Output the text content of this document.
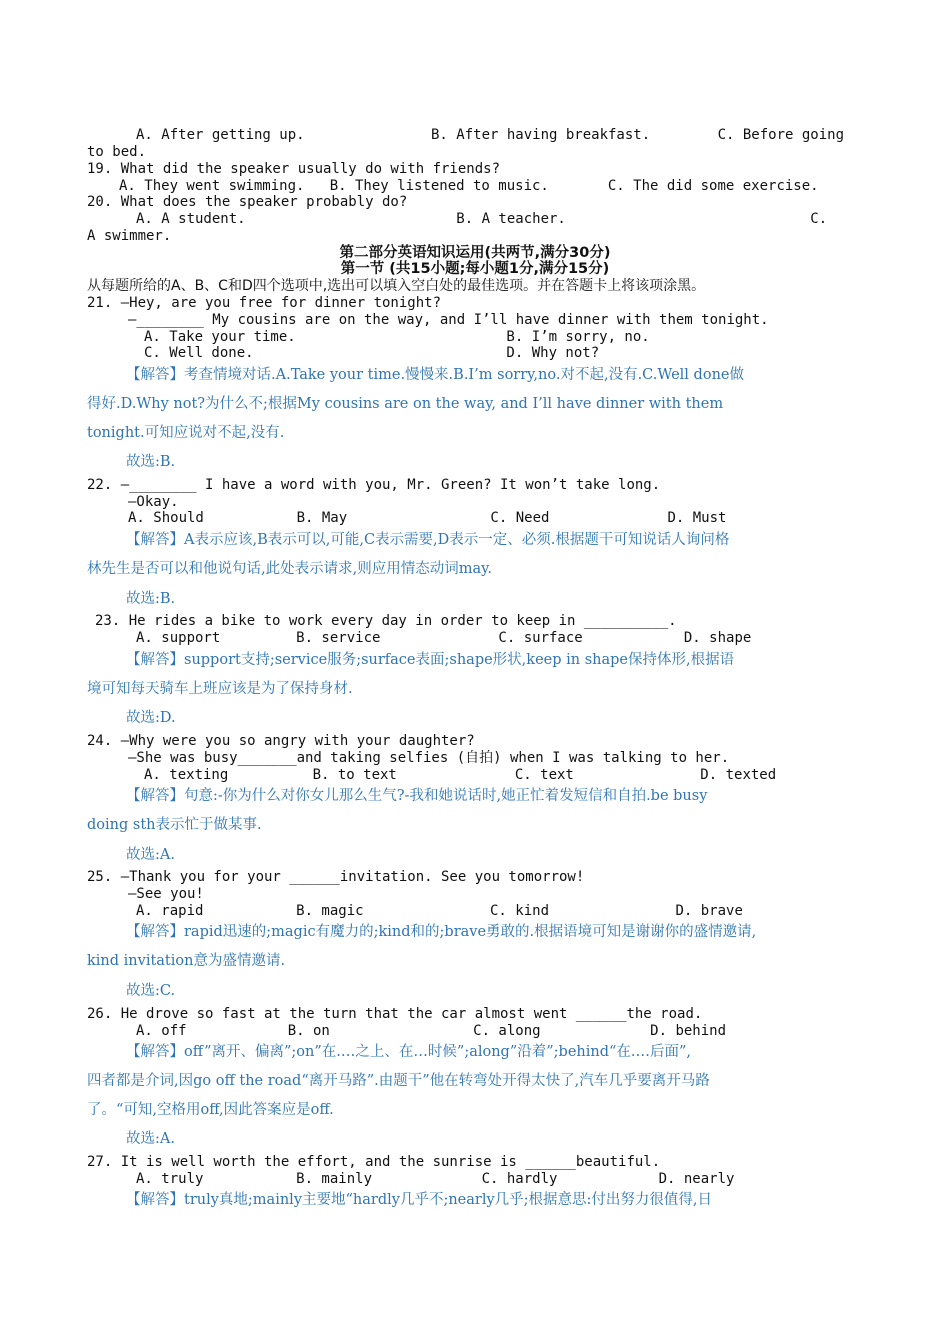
A. After getting up.               B. After having breakfast.        C. Before going

to bed.

19. What did the speaker usually do with friends?

A. They went swimming.   B. They listened to music.       C. The did some exercise.

20. What does the speaker probably do?

A. A student.                         B. A teacher.                             C.

A swimmer.

第二部分英语知识运用(共两节,满分30分)

第一节 (共15小题;每小题1分,满分15分)

从每题所给的A、B、C和D四个选项中,选出可以填入空白处的最佳选项。并在答题卡上将该项涂黑。

21. —Hey, are you free for dinner tonight?

—________ My cousins are on the way, and I’ll have dinner with them tonight.

A. Take your time.                         B. I’m sorry, no.

C. Well done.                              D. Why not?

【解答】考查情境对话.A.Take your time.慢慢来.B.I’m sorry,no.对不起,没有.C.Well done做
得好.D.Why not?为什么不;根据My cousins are on the way, and I’ll have dinner with them
tonight.可知应说对不起,没有.

故选:B.

22. —________ I have a word with you, Mr. Green? It won’t take long.

—Okay.

A. Should           B. May                 C. Need              D. Must

【解答】A表示应该,B表示可以,可能,C表示需要,D表示一定、必须.根据题干可知说话人询问格
林先生是否可以和他说句话,此处表示请求,则应用情态动词may.

故选:B.

23. He rides a bike to work every day in order to keep in __________.

A. support         B. service              C. surface            D. shape

【解答】support支持;service服务;surface表面;shape形状,keep in shape保持体形,根据语
境可知每天骑车上班应该是为了保持身材.

故选:D.

24. —Why were you so angry with your daughter?

—She was busy_______and taking selfies (自拍) when I was talking to her.

A. texting          B. to text              C. text               D. texted

【解答】句意:-你为什么对你女儿那么生气?-我和她说话时,她正忙着发短信和自拍.be busy
doing sth表示忙于做某事.

故选:A.

25. —Thank you for your ______invitation. See you tomorrow!

—See you!

A. rapid           B. magic               C. kind               D. brave

【解答】rapid迅速的;magic有魔力的;kind和的;brave勇敢的.根据语境可知是谢谢你的盛情邀请,
kind invitation意为盛情邀请.

故选:C.

26. He drove so fast at the turn that the car almost went ______the road.

A. off            B. on                 C. along             D. behind

【解答】off”离开、偏离”;on”在.…之上、在…时候”;along”沿着”;behind“在.…后面”,
四者都是介词,因go off the road“离开马路”.由题干”他在转弯处开得太快了,汽车几乎要离开马路
了。“可知,空格用off,因此答案应是off.

故选:A.

27. It is well worth the effort, and the sunrise is ______beautiful.

A. truly           B. mainly             C. hardly            D. nearly

【解答】truly真地;mainly主要地“hardly几乎不;nearly几乎;根据意思:付出努力很值得,日
